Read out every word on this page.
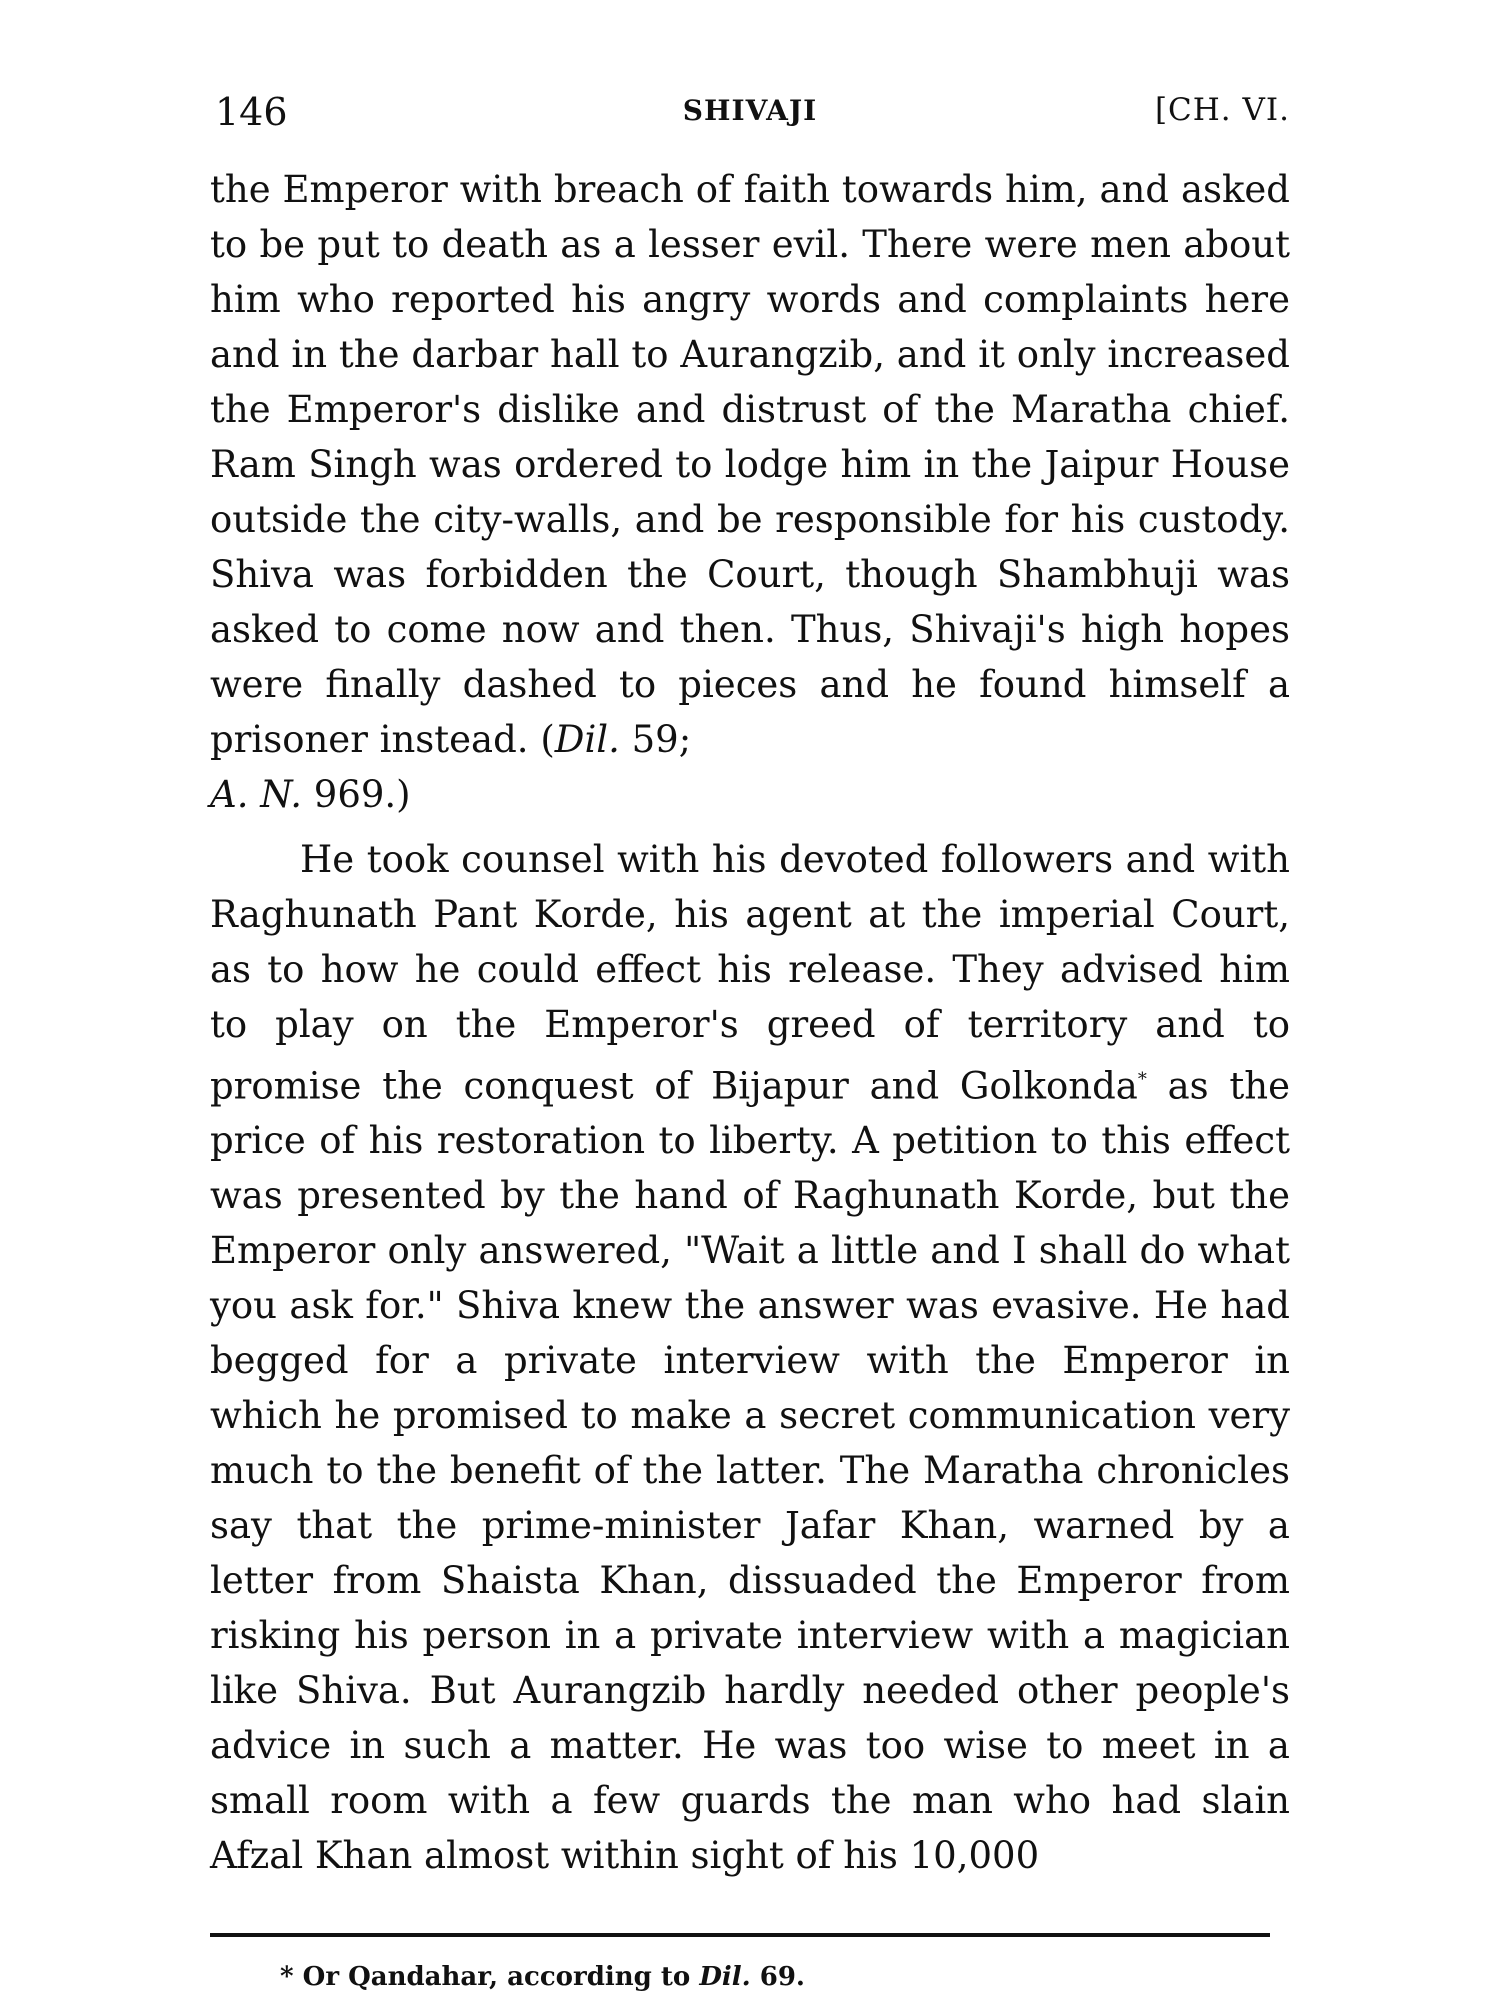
146	SHIVAJI	[CH. VI.

the Emperor with breach of faith towards him, and asked to be put to death as a lesser evil. There were men about him who reported his angry words and complaints here and in the darbar hall to Aurangzib, and it only increased the Emperor's dislike and distrust of the Maratha chief. Ram Singh was ordered to lodge him in the Jaipur House outside the city-walls, and be responsible for his custody. Shiva was forbidden the Court, though Shambhuji was asked to come now and then. Thus, Shivaji's high hopes were finally dashed to pieces and he found himself a prisoner instead. (Dil. 59;
A. N. 969.)

He took counsel with his devoted followers and with Raghunath Pant Korde, his agent at the imperial Court, as to how he could effect his release. They advised him to play on the Emperor's greed of territory and to promise the conquest of Bijapur and Golkonda* as the price of his restoration to liberty. A petition to this effect was presented by the hand of Raghunath Korde, but the Emperor only answered, "Wait a little and I shall do what you ask for." Shiva knew the answer was evasive. He had begged for a private interview with the Emperor in which he promised to make a secret communication very much to the benefit of the latter. The Maratha chronicles say that the prime-minister Jafar Khan, warned by a letter from Shaista Khan, dissuaded the Emperor from risking his person in a private interview with a magician like Shiva. But Aurangzib hardly needed other people's advice in such a matter. He was too wise to meet in a small room with a few guards the man who had slain Afzal Khan almost within sight of his 10,000

* Or Qandahar, according to Dil. 69.
